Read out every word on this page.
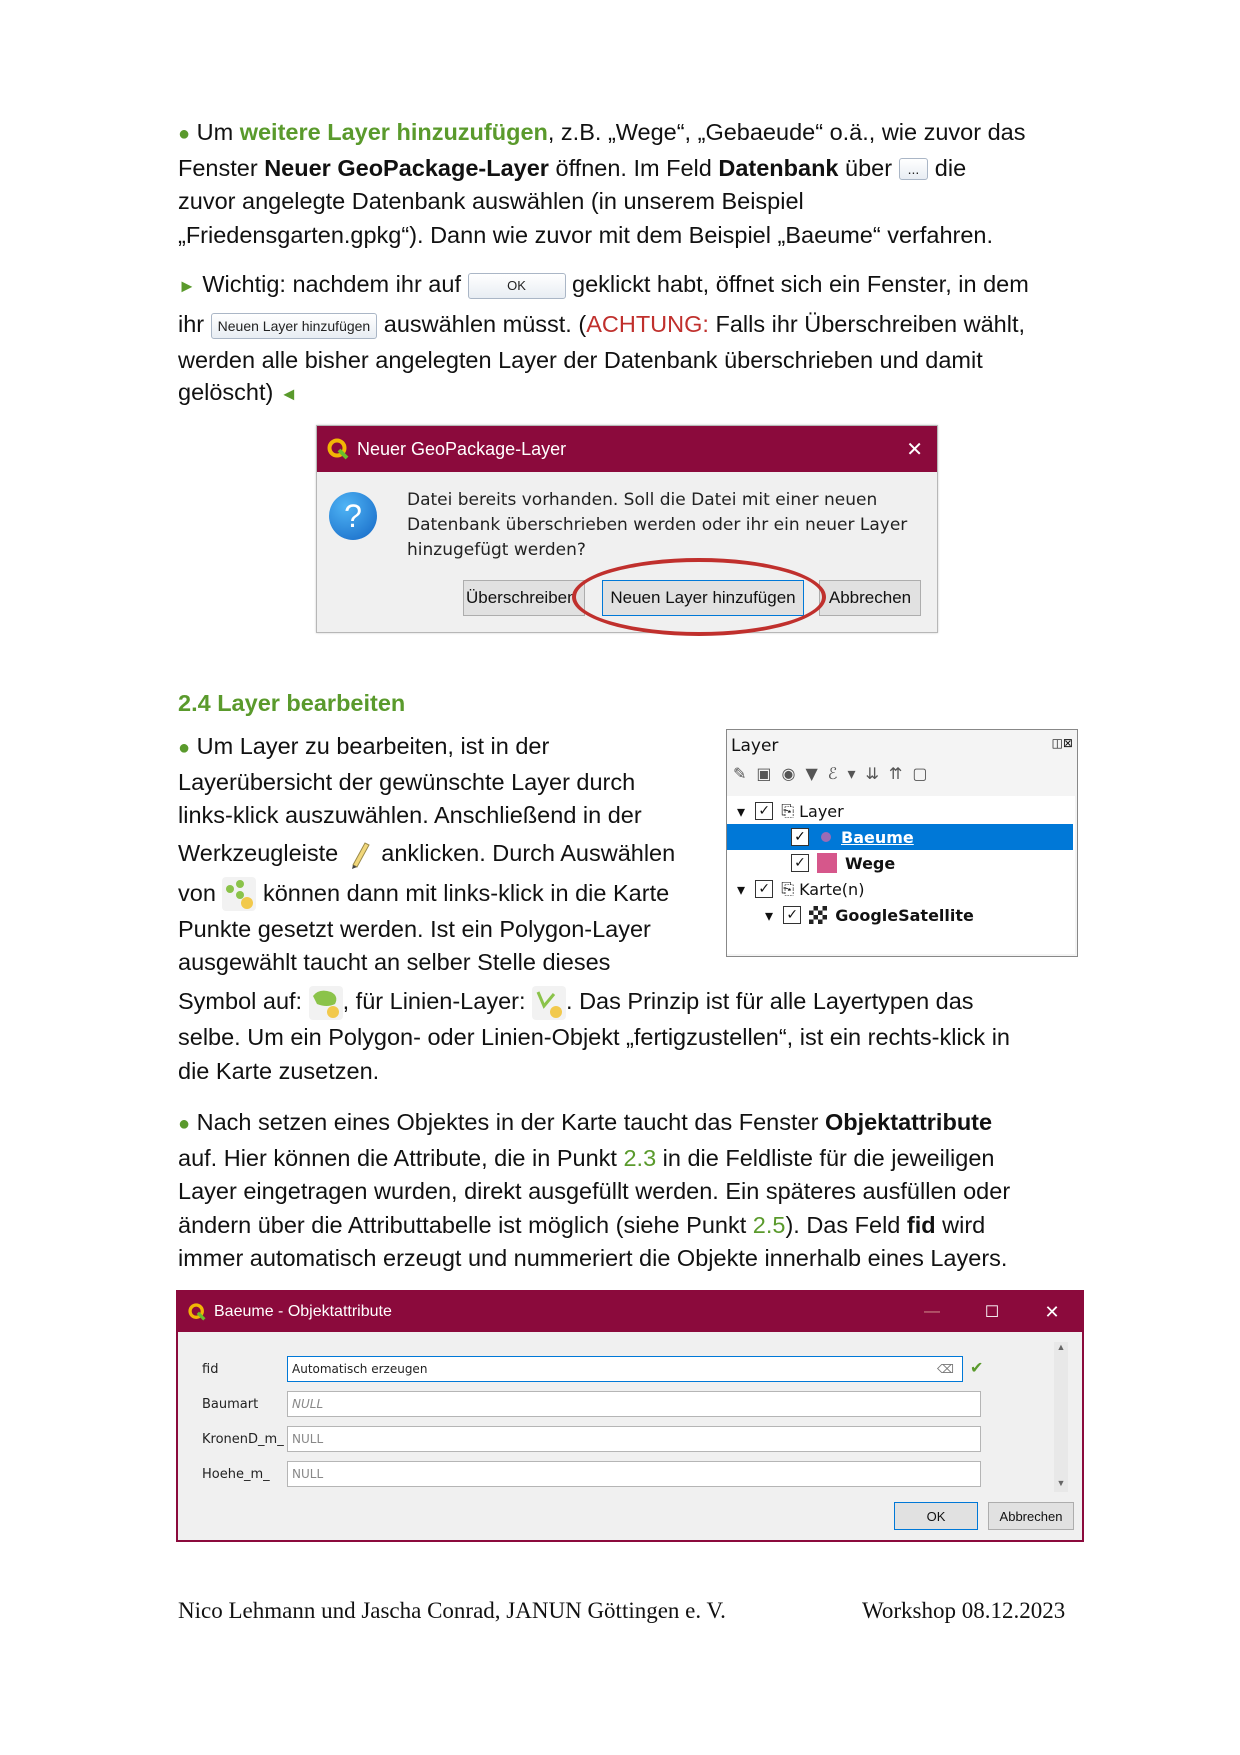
● Um weitere Layer hinzuzufügen, z.B. „Wege“, „Gebaeude“ o.ä., wie zuvor das
Fenster Neuer GeoPackage-Layer öffnen. Im Feld Datenbank über ... die
zuvor angelegte Datenbank auswählen (in unserem Beispiel
„Friedensgarten.gpkg“). Dann wie zuvor mit dem Beispiel „Baeume“ verfahren.
► Wichtig: nachdem ihr auf	OK geklickt habt, öffnet sich ein Fenster, in dem
ihr Neuen Layer hinzufügen auswählen müsst. (ACHTUNG: Falls ihr Überschreiben wählt,
werden alle bisher angelegten Layer der Datenbank überschrieben und damit
gelöscht) ◄
Neuer GeoPackage-Layer	✕
?	Datei bereits vorhanden. Soll die Datei mit einer neuen
Datenbank überschrieben werden oder ihr ein neuer Layer
hinzugefügt werden?
Überschreiben	Neuen Layer hinzufügen Abbrechen
2.4 Layer bearbeiten
● Um Layer zu bearbeiten, ist in der
Layerübersicht der gewünschte Layer durch
links-klick auszuwählen. Anschließend in der
Werkzeugleiste  anklicken. Durch Auswählen
von  können dann mit links-klick in die Karte
Punkte gesetzt werden. Ist ein Polygon-Layer
ausgewählt taucht an selber Stelle dieses
Symbol auf: , für Linien-Layer: . Das Prinzip ist für alle Layertypen das
selbe. Um ein Polygon- oder Linien-Objekt „fertigzustellen“, ist ein rechts-klick in
die Karte zusetzen.
Layer	◫⊠
✎▣◉▼ℰ▾⇊⇈▢
▾ ✓ ⎘ Layer
✓ Baeume
✓ Wege
▾ ✓ ⎘ Karte(n)
▾ ✓ GoogleSatellite
● Nach setzen eines Objektes in der Karte taucht das Fenster Objektattribute
auf. Hier können die Attribute, die in Punkt 2.3 in die Feldliste für die jeweiligen
Layer eingetragen wurden, direkt ausgefüllt werden. Ein späteres ausfüllen oder
ändern über die Attributtabelle ist möglich (siehe Punkt 2.5). Das Feld fid wird
immer automatisch erzeugt und nummeriert die Objekte innerhalb eines Layers.
Baeume - Objektattribute	—	☐	✕
fid	Automatisch erzeugen	⌫ ✔
Baumart	NULL
KronenD_m_ NULL
Hoehe_m_ NULL
▲
▼
OK	Abbrechen
Nico Lehmann und Jascha Conrad, JANUN Göttingen e. V.	Workshop 08.12.2023
